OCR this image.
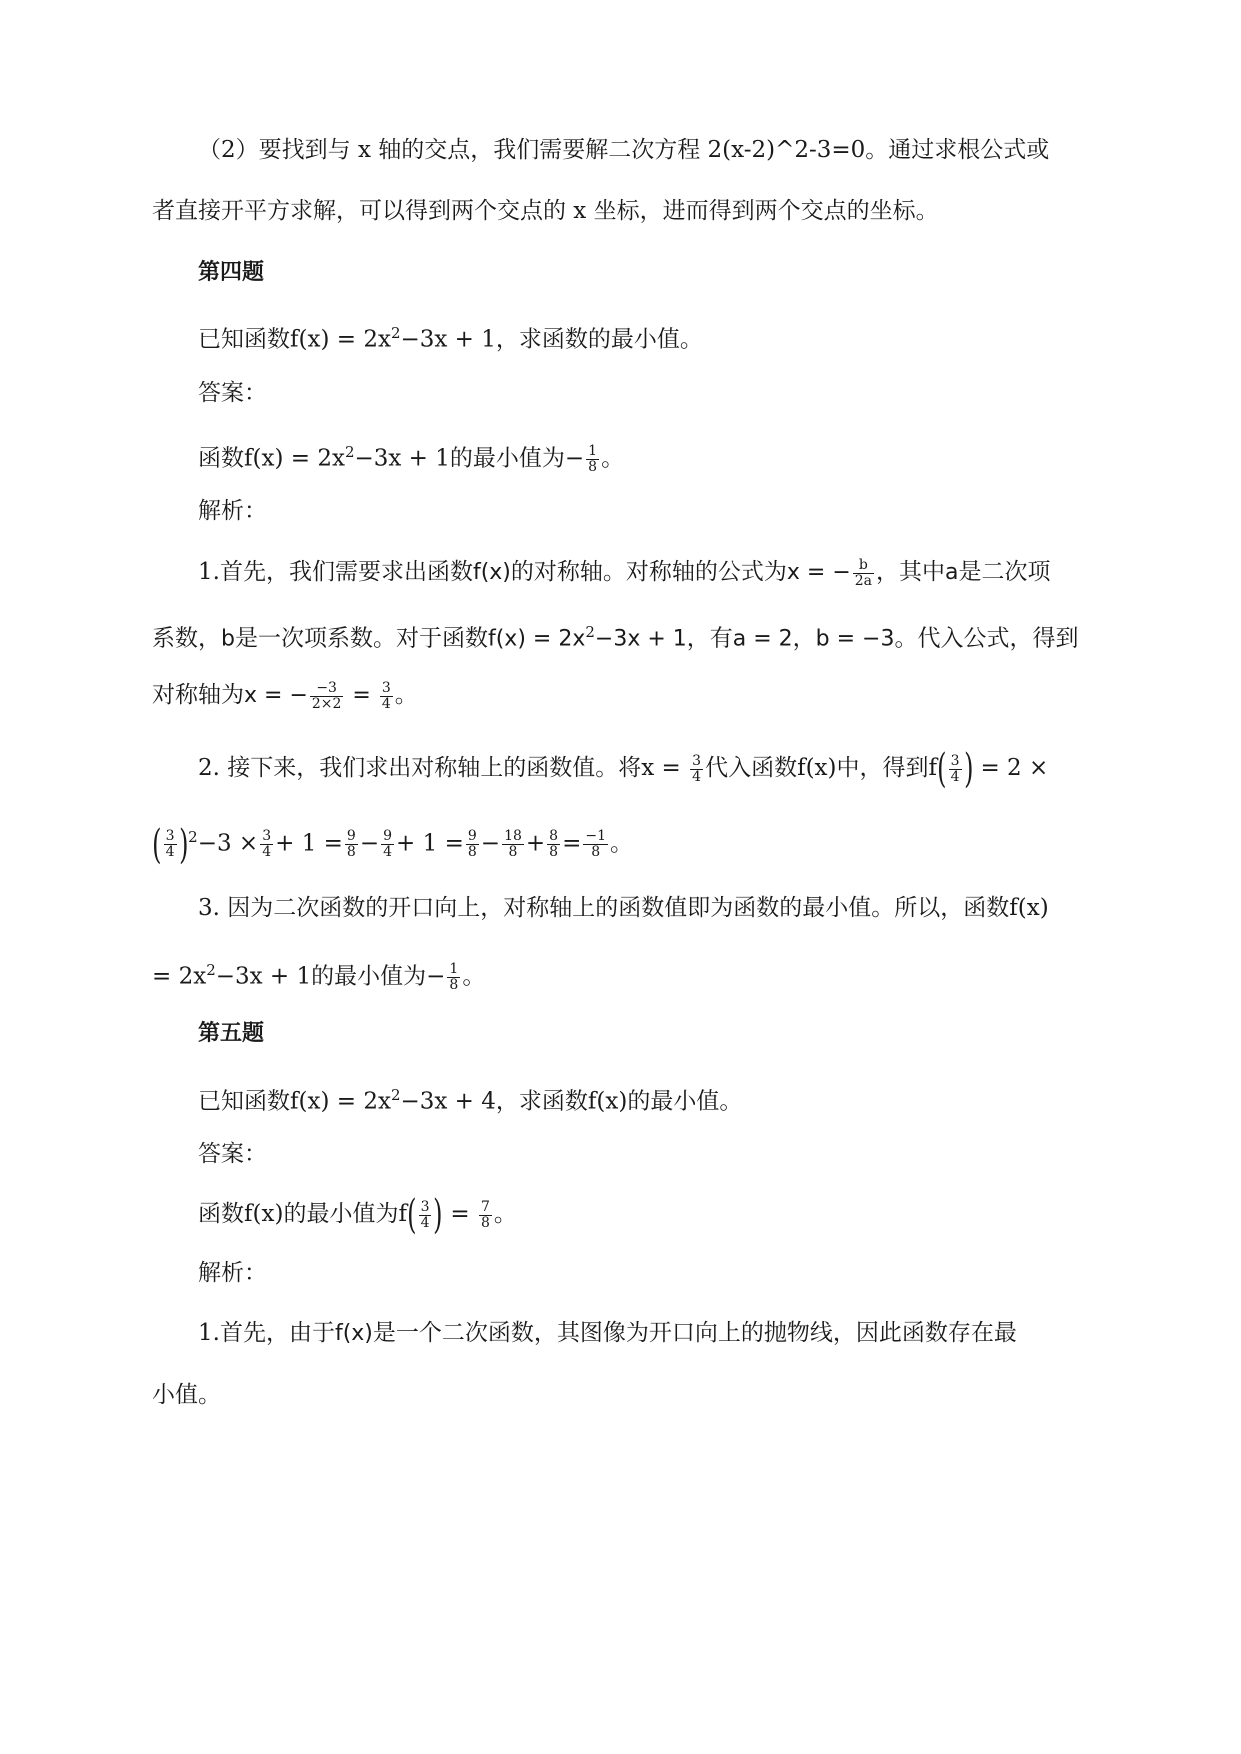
（2）要找到与 x 轴的交点，我们需要解二次方程 2(x-2)^2-3=0。通过求根公式或
者直接开平方求解，可以得到两个交点的 x 坐标，进而得到两个交点的坐标。
第四题
已知函数$f(x) = 2x^2-3x + 1$，求函数的最小值。
答案：
函数$f(x) = 2x^2-3x + 1$的最小值为− $\frac{1}{8}$ 。
解析：
1.首先，我们需要求出函数f(x)的对称轴。对称轴的公式为x = − $\frac{b}{2a}$ ，其中a是二次项
系数，b是一次项系数。对于函数$f(x) = 2x^2-3x + 1$，有a = 2，b = −3。代入公式，得到
对称轴为x = − $\frac{-3}{2\times 2} = \frac{3}{4}$ 。
2. 接下来，我们求出对称轴上的函数值。将$x = \frac{3}{4}$ 代入函数f(x)中，得到$f( \frac{3}{4}$ ) = 2 ×
( $\frac{3}{4} )^2-3 \times \frac{3}{4} + 1 = \frac{9}{8} - \frac{9}{4} + 1 = \frac{9}{8} - \frac{18}{8} + \frac{8}{8} = \frac{-1}{8}$ 。
3. 因为二次函数的开口向上，对称轴上的函数值即为函数的最小值。所以，函数f(x)
= $2x^2-3x + 1$的最小值为− $\frac{1}{8}$ 。
第五题
已知函数$f(x) = 2x^2-3x + 4$，求函数f(x)的最小值。
答案：
函数f(x)的最小值为$f( \frac{3}{4}$ ) = $\frac{7}{8}$ 。
解析：
1.首先，由于f(x)是一个二次函数，其图像为开口向上的抛物线，因此函数存在最
小值。
